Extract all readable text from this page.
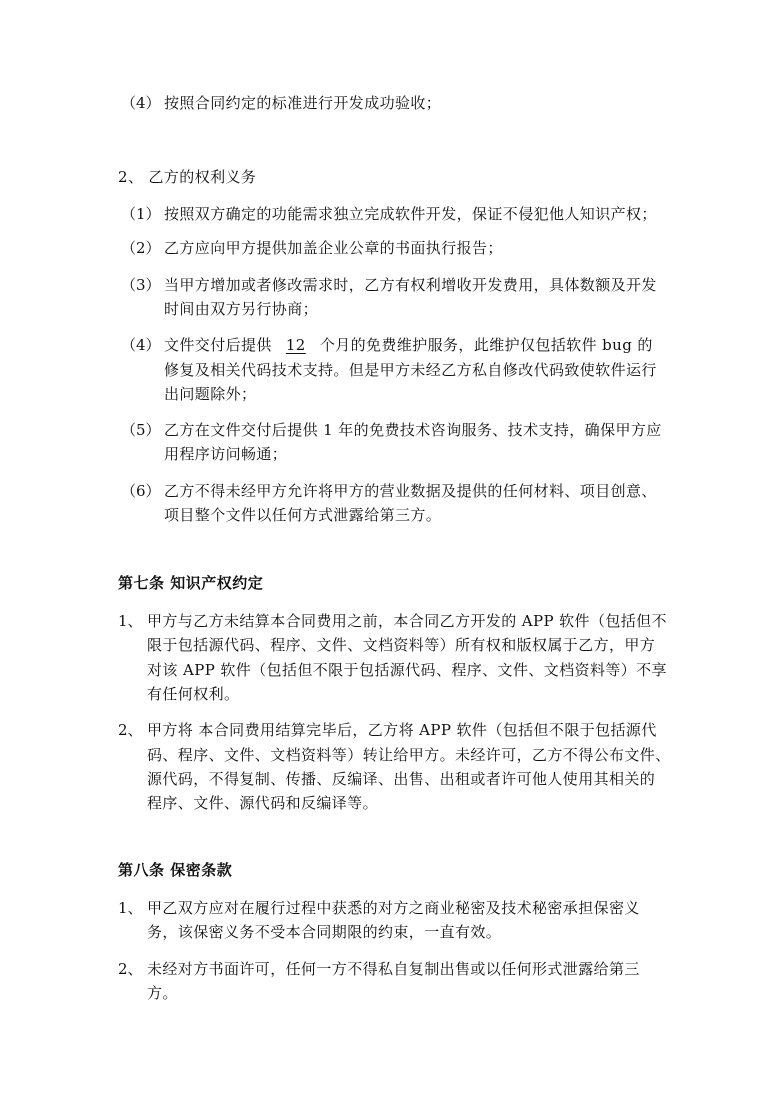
（4） 按照合同约定的标准进行开发成功验收；
2、 乙方的权利义务
（1） 按照双方确定的功能需求独立完成软件开发，保证不侵犯他人知识产权；
（2） 乙方应向甲方提供加盖企业公章的书面执行报告；
（3） 当甲方增加或者修改需求时，乙方有权利增收开发费用，具体数额及开发
时间由双方另行协商；
（4） 文件交付后提供 12 个月的免费维护服务，此维护仅包括软件 bug 的
修复及相关代码技术支持。但是甲方未经乙方私自修改代码致使软件运行
出问题除外；
（5） 乙方在文件交付后提供 1 年的免费技术咨询服务、技术支持，确保甲方应
用程序访问畅通；
（6） 乙方不得未经甲方允许将甲方的营业数据及提供的任何材料、项目创意、
项目整个文件以任何方式泄露给第三方。
第七条 知识产权约定
1、 甲方与乙方未结算本合同费用之前，本合同乙方开发的 APP 软件（包括但不
限于包括源代码、程序、文件、文档资料等）所有权和版权属于乙方，甲方
对该 APP 软件（包括但不限于包括源代码、程序、文件、文档资料等）不享
有任何权利。
2、 甲方将 本合同费用结算完毕后，乙方将 APP 软件（包括但不限于包括源代
码、程序、文件、文档资料等）转让给甲方。未经许可，乙方不得公布文件、
源代码，不得复制、传播、反编译、出售、出租或者许可他人使用其相关的
程序、文件、源代码和反编译等。
第八条 保密条款
1、 甲乙双方应对在履行过程中获悉的对方之商业秘密及技术秘密承担保密义
务，该保密义务不受本合同期限的约束，一直有效。
2、 未经对方书面许可，任何一方不得私自复制出售或以任何形式泄露给第三
方。
